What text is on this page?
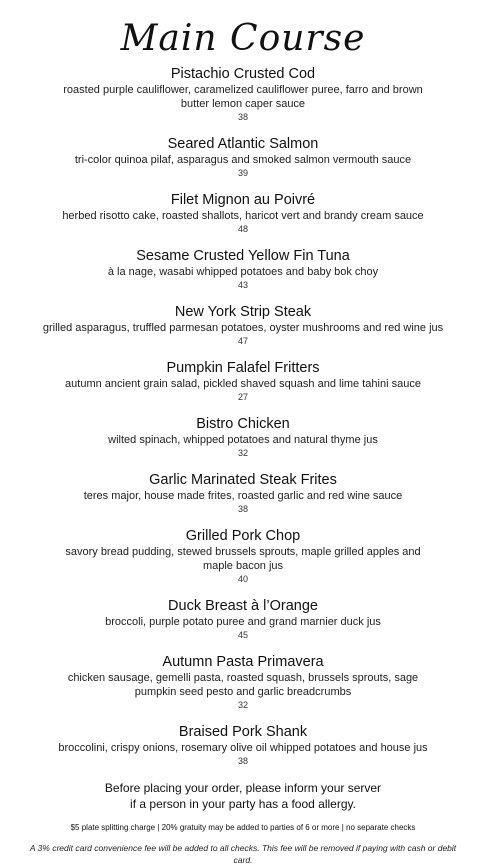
Main Course
Pistachio Crusted Cod
roasted purple cauliflower, caramelized cauliflower puree, farro and brown butter lemon caper sauce
38
Seared Atlantic Salmon
tri-color quinoa pilaf, asparagus and smoked salmon vermouth sauce
39
Filet Mignon au Poivré
herbed risotto cake, roasted shallots, haricot vert and brandy cream sauce
48
Sesame Crusted Yellow Fin Tuna
à la nage, wasabi whipped potatoes and baby bok choy
43
New York Strip Steak
grilled asparagus, truffled parmesan potatoes, oyster mushrooms and red wine jus
47
Pumpkin Falafel Fritters
autumn ancient grain salad, pickled shaved squash and lime tahini sauce
27
Bistro Chicken
wilted spinach, whipped potatoes and natural thyme jus
32
Garlic Marinated Steak Frites
teres major, house made frites, roasted garlic and red wine sauce
38
Grilled Pork Chop
savory bread pudding, stewed brussels sprouts, maple grilled apples and maple bacon jus
40
Duck Breast à l’Orange
broccoli, purple potato puree and grand marnier duck jus
45
Autumn Pasta Primavera
chicken sausage, gemelli pasta, roasted squash, brussels sprouts, sage pumpkin seed pesto and garlic breadcrumbs
32
Braised Pork Shank
broccolini, crispy onions, rosemary olive oil whipped potatoes and house jus
38
Before placing your order, please inform your server
if a person in your party has a food allergy.
$5 plate splitting charge | 20% gratuity may be added to parties of 6 or more | no separate checks
A 3% credit card convenience fee will be added to all checks. This fee will be removed if paying with cash or debit card.
